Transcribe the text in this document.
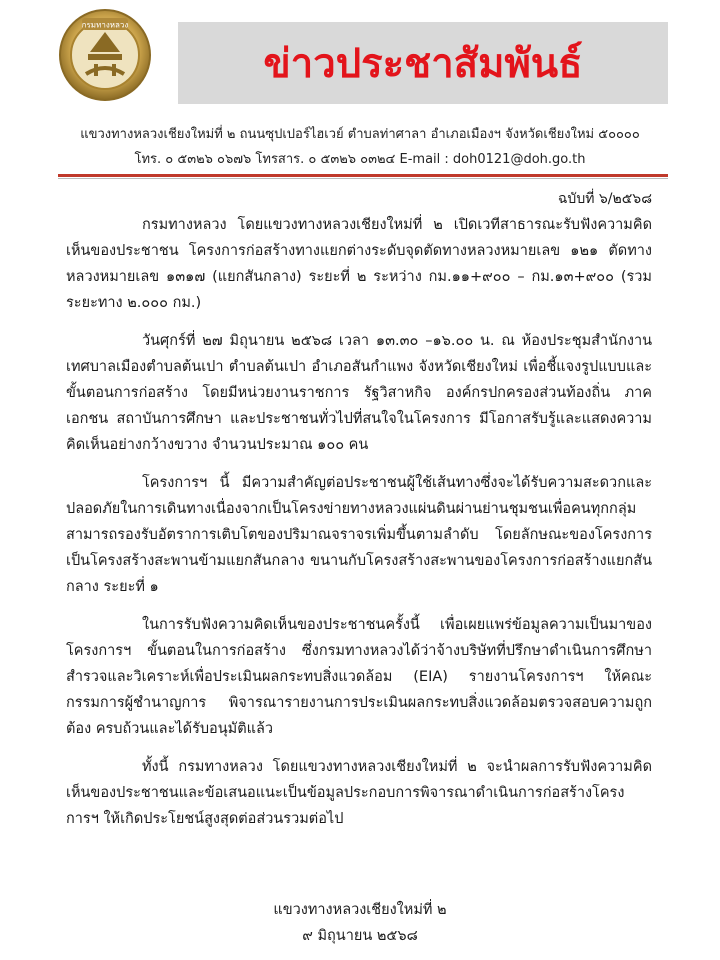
กรมทางหลวง
ข่าวประชาสัมพันธ์
แขวงทางหลวงเชียงใหม่ที่ ๒ ถนนซุปเปอร์ไฮเวย์ ตำบลท่าศาลา อำเภอเมืองฯ จังหวัดเชียงใหม่ ๕๐๐๐๐
โทร. ๐ ๕๓๒๖ ๐๖๗๖ โทรสาร. ๐ ๕๓๒๖ ๐๓๒๔ E-mail : doh0121@doh.go.th
ฉบับที่ ๖/๒๕๖๘

กรมทางหลวง โดยแขวงทางหลวงเชียงใหม่ที่ ๒ เปิดเวทีสาธารณะรับฟังความคิดเห็นของประชาชน โครงการก่อสร้างทางแยกต่างระดับจุดตัดทางหลวงหมายเลข ๑๒๑ ตัดทางหลวงหมายเลข ๑๓๑๗ (แยกสันกลาง) ระยะที่ ๒ ระหว่าง กม.๑๑+๙๐๐ – กม.๑๓+๙๐๐ (รวมระยะทาง ๒.๐๐๐ กม.)

วันศุกร์ที่ ๒๗ มิถุนายน ๒๕๖๘ เวลา ๑๓.๓๐ –๑๖.๐๐ น. ณ ห้องประชุมสำนักงานเทศบาลเมืองตำบลต้นเปา ตำบลต้นเปา อำเภอสันกำแพง จังหวัดเชียงใหม่ เพื่อชี้แจงรูปแบบและขั้นตอนการก่อสร้าง โดยมีหน่วยงานราชการ รัฐวิสาหกิจ องค์กรปกครองส่วนท้องถิ่น ภาคเอกชน สถาบันการศึกษา และประชาชนทั่วไปที่สนใจในโครงการ มีโอกาสรับรู้และแสดงความคิดเห็นอย่างกว้างขวาง จำนวนประมาณ ๑๐๐ คน

โครงการฯ นี้ มีความสำคัญต่อประชาชนผู้ใช้เส้นทางซึ่งจะได้รับความสะดวกและปลอดภัยในการเดินทางเนื่องจากเป็นโครงข่ายทางหลวงแผ่นดินผ่านย่านชุมชนเพื่อคนทุกกลุ่มสามารถรองรับอัตราการเติบโตของปริมาณจราจรเพิ่มขึ้นตามลำดับ โดยลักษณะของโครงการเป็นโครงสร้างสะพานข้ามแยกสันกลาง ขนานกับโครงสร้างสะพานของโครงการก่อสร้างแยกสันกลาง ระยะที่ ๑

ในการรับฟังความคิดเห็นของประชาชนครั้งนี้ เพื่อเผยแพร่ข้อมูลความเป็นมาของโครงการฯ ขั้นตอนในการก่อสร้าง ซึ่งกรมทางหลวงได้ว่าจ้างบริษัทที่ปรึกษาดำเนินการศึกษา สำรวจและวิเคราะห์เพื่อประเมินผลกระทบสิ่งแวดล้อม (EIA) รายงานโครงการฯ ให้คณะกรรมการผู้ชำนาญการ พิจารณารายงานการประเมินผลกระทบสิ่งแวดล้อมตรวจสอบความถูกต้อง ครบถ้วนและได้รับอนุมัติแล้ว

ทั้งนี้ กรมทางหลวง โดยแขวงทางหลวงเชียงใหม่ที่ ๒ จะนำผลการรับฟังความคิดเห็นของประชาชนและข้อเสนอแนะเป็นข้อมูลประกอบการพิจารณาดำเนินการก่อสร้างโครงการฯ ให้เกิดประโยชน์สูงสุดต่อส่วนรวมต่อไป

แขวงทางหลวงเชียงใหม่ที่ ๒
๙ มิถุนายน ๒๕๖๘
